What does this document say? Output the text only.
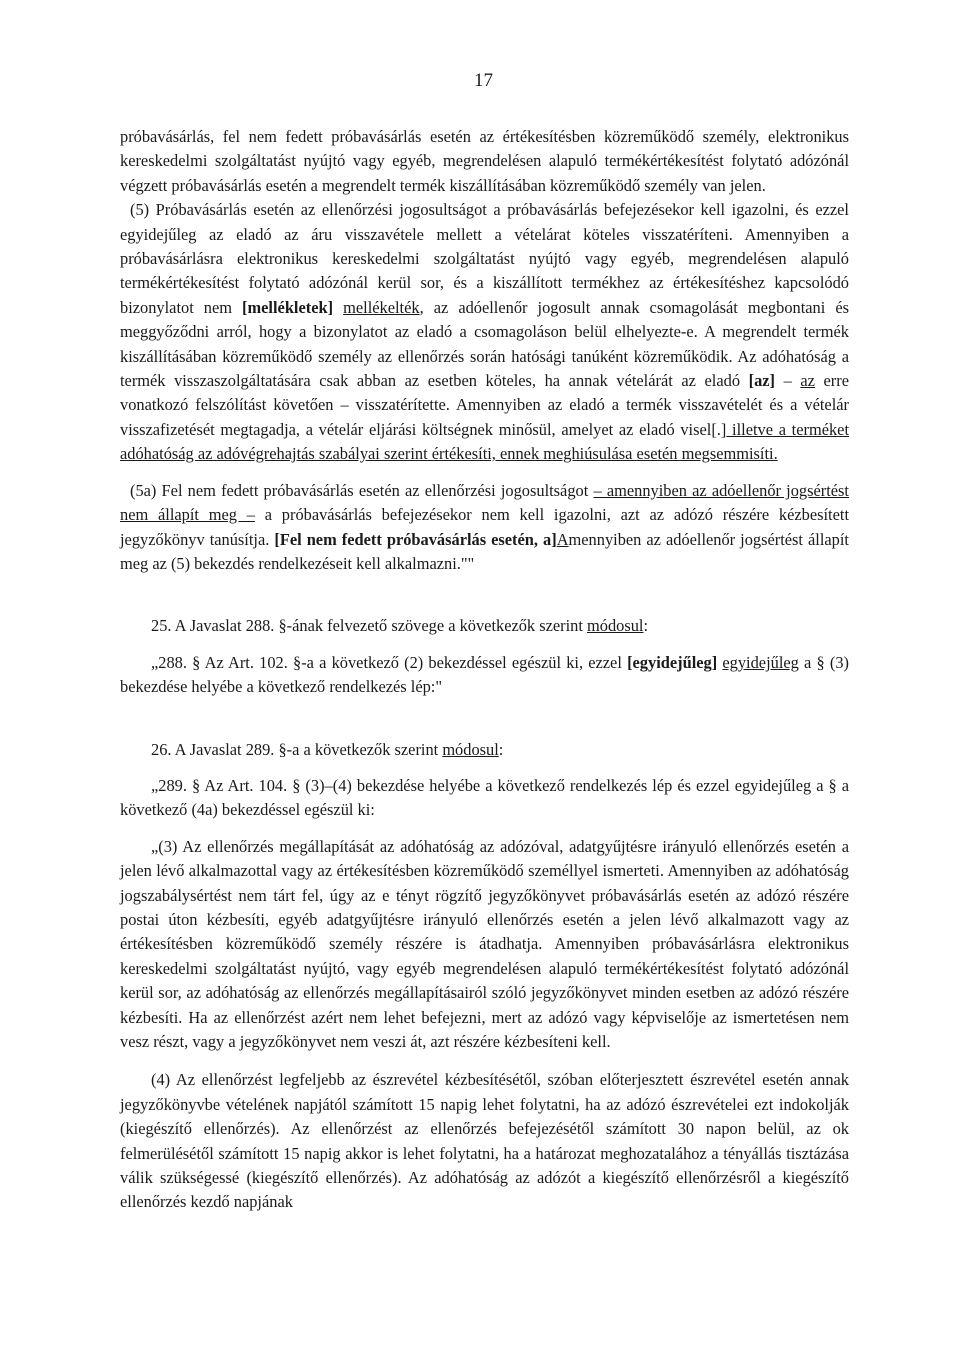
17

próbavásárlás, fel nem fedett próbavásárlás esetén az értékesítésben közreműködő személy, elektronikus kereskedelmi szolgáltatást nyújtó vagy egyéb, megrendelésen alapuló termékértékesítést folytató adózónál végzett próbavásárlás esetén a megrendelt termék kiszállításában közreműködő személy van jelen.

(5) Próbavásárlás esetén az ellenőrzési jogosultságot a próbavásárlás befejezésekor kell igazolni, és ezzel egyidejűleg az eladó az áru visszavétele mellett a vételárat köteles visszatéríteni. Amennyiben a próbavásárlásra elektronikus kereskedelmi szolgáltatást nyújtó vagy egyéb, megrendelésen alapuló termékértékesítést folytató adózónál kerül sor, és a kiszállított termékhez az értékesítéshez kapcsolódó bizonylatot nem [mellékletek] mellékelték, az adóellenőr jogosult annak csomagolását megbontani és meggyőződni arról, hogy a bizonylatot az eladó a csomagoláson belül elhelyezte-e. A megrendelt termék kiszállításában közreműködő személy az ellenőrzés során hatósági tanúként közreműködik. Az adóhatóság a termék visszaszolgáltatására csak abban az esetben köteles, ha annak vételárát az eladó [az] – az erre vonatkozó felszólítást követően – visszatérítette. Amennyiben az eladó a termék visszavételét és a vételár visszafizetését megtagadja, a vételár eljárási költségnek minősül, amelyet az eladó visel[.] illetve a terméket adóhatóság az adóvégrehajtás szabályai szerint értékesíti, ennek meghiúsulása esetén megsemmisíti.

(5a) Fel nem fedett próbavásárlás esetén az ellenőrzési jogosultságot – amennyiben az adóellenőr jogsértést nem állapít meg – a próbavásárlás befejezésekor nem kell igazolni, azt az adózó részére kézbesített jegyzőkönyv tanúsítja. [Fel nem fedett próbavásárlás esetén, a]Amennyiben az adóellenőr jogsértést állapít meg az (5) bekezdés rendelkezéseit kell alkalmazni.""

25. A Javaslat 288. §-ának felvezető szövege a következők szerint módosul:

„288. § Az Art. 102. §-a a következő (2) bekezdéssel egészül ki, ezzel [egyidejűleg] egyidejűleg a § (3) bekezdése helyébe a következő rendelkezés lép:"

26. A Javaslat 289. §-a a következők szerint módosul:

„289. § Az Art. 104. § (3)–(4) bekezdése helyébe a következő rendelkezés lép és ezzel egyidejűleg a § a következő (4a) bekezdéssel egészül ki:

„(3) Az ellenőrzés megállapítását az adóhatóság az adózóval, adatgyűjtésre irányuló ellenőrzés esetén a jelen lévő alkalmazottal vagy az értékesítésben közreműködő személlyel ismerteti. Amennyiben az adóhatóság jogszabálysértést nem tárt fel, úgy az e tényt rögzítő jegyzőkönyvet próbavásárlás esetén az adózó részére postai úton kézbesíti, egyéb adatgyűjtésre irányuló ellenőrzés esetén a jelen lévő alkalmazott vagy az értékesítésben közreműködő személy részére is átadhatja. Amennyiben próbavásárlásra elektronikus kereskedelmi szolgáltatást nyújtó, vagy egyéb megrendelésen alapuló termékértékesítést folytató adózónál kerül sor, az adóhatóság az ellenőrzés megállapításairól szóló jegyzőkönyvet minden esetben az adózó részére kézbesíti. Ha az ellenőrzést azért nem lehet befejezni, mert az adózó vagy képviselője az ismertetésen nem vesz részt, vagy a jegyzőkönyvet nem veszi át, azt részére kézbesíteni kell.

(4) Az ellenőrzést legfeljebb az észrevétel kézbesítésétől, szóban előterjesztett észrevétel esetén annak jegyzőkönyvbe vételének napjától számított 15 napig lehet folytatni, ha az adózó észrevételei ezt indokolják (kiegészítő ellenőrzés). Az ellenőrzést az ellenőrzés befejezésétől számított 30 napon belül, az ok felmerülésétől számított 15 napig akkor is lehet folytatni, ha a határozat meghozatalához a tényállás tisztázása válik szükségessé (kiegészítő ellenőrzés). Az adóhatóság az adózót a kiegészítő ellenőrzésről a kiegészítő ellenőrzés kezdő napjának
